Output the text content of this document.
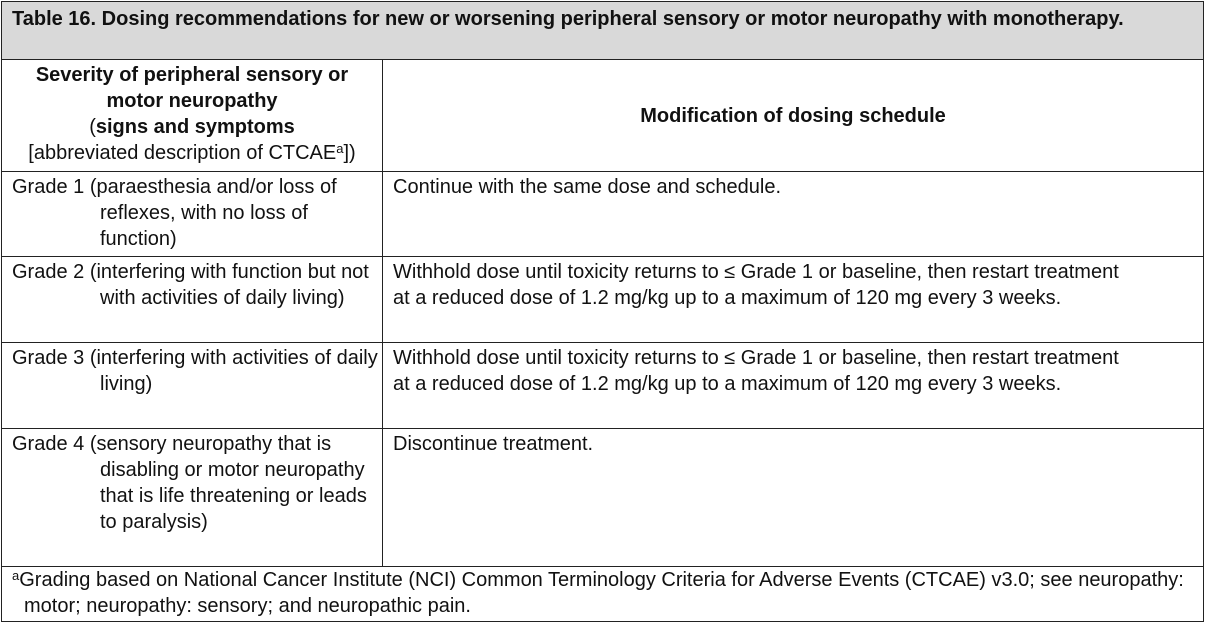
Table 16. Dosing recommendations for new or worsening peripheral sensory or motor neuropathy with monotherapy.	

Severity of peripheral sensory or motor neuropathy
(signs and symptoms
[abbreviated description of CTCAE$^a$])	Modification of dosing schedule

Grade 1 (paraesthesia and/or loss of reflexes, with no loss of function)	Continue with the same dose and schedule.

Grade 2 (interfering with function but not with activities of daily living)	Withhold dose until toxicity returns to ≤ Grade 1 or baseline, then restart treatment at a reduced dose of 1.2 mg/kg up to a maximum of 120 mg every 3 weeks.

Grade 3 (interfering with activities of daily living)	Withhold dose until toxicity returns to ≤ Grade 1 or baseline, then restart treatment at a reduced dose of 1.2 mg/kg up to a maximum of 120 mg every 3 weeks.

Grade 4 (sensory neuropathy that is disabling or motor neuropathy that is life threatening or leads to paralysis)	Discontinue treatment.

$^a$Grading based on National Cancer Institute (NCI) Common Terminology Criteria for Adverse Events (CTCAE) v3.0; see neuropathy: motor; neuropathy: sensory; and neuropathic pain.	
